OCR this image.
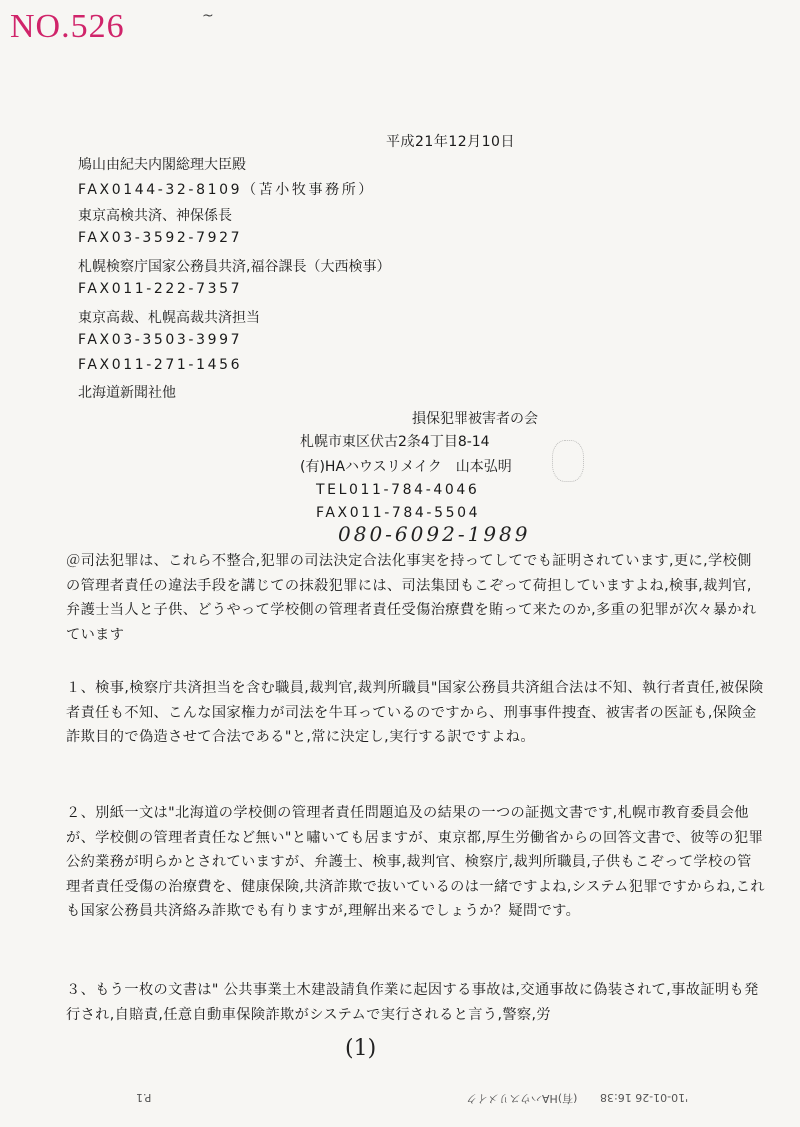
NO.526	~
平成21年12月10日
鳩山由紀夫内閣総理大臣殿
FAX0144-32-8109（苫小牧事務所）
東京高検共済、神保係長
FAX03-3592-7927
札幌検察庁国家公務員共済,福谷課長（大西検事）
FAX011-222-7357
東京高裁、札幌高裁共済担当
FAX03-3503-3997
FAX011-271-1456
北海道新聞社他
損保犯罪被害者の会
札幌市東区伏古2条4丁目8-14
(有)HAハウスリメイク　山本弘明
TEL011-784-4046
FAX011-784-5504
080-6092-1989
＠司法犯罪は、これら不整合,犯罪の司法決定合法化事実を持ってしてでも証明されています,更に,学校側の管理者責任の違法手段を講じての抹殺犯罪には、司法集団もこぞって荷担していますよね,検事,裁判官,弁護士当人と子供、どうやって学校側の管理者責任受傷治療費を賄って来たのか,多重の犯罪が次々暴かれています
１、検事,検察庁共済担当を含む職員,裁判官,裁判所職員"国家公務員共済組合法は不知、執行者責任,被保険者責任も不知、こんな国家権力が司法を牛耳っているのですから、刑事事件捜査、被害者の医証も,保険金詐欺目的で偽造させて合法である"と,常に決定し,実行する訳ですよね。
２、別紙一文は"北海道の学校側の管理者責任問題追及の結果の一つの証拠文書です,札幌市教育委員会他が、学校側の管理者責任など無い"と嘯いても居ますが、東京都,厚生労働省からの回答文書で、彼等の犯罪公約業務が明らかとされていますが、弁護士、検事,裁判官、検察庁,裁判所職員,子供もこぞって学校の管理者責任受傷の治療費を、健康保険,共済詐欺で抜いているのは一緒ですよね,システム犯罪ですからね,これも国家公務員共済絡み詐欺でも有りますが,理解出来るでしょうか？疑問です。
３、もう一枚の文書は" 公共事業土木建設請負作業に起因する事故は,交通事故に偽装されて,事故証明も発行され,自賠責,任意自動車保険詐欺がシステムで実行されると言う,警察,労
(1)
P.1	(有)HAハウスリメイク '10-01-26 16:38
